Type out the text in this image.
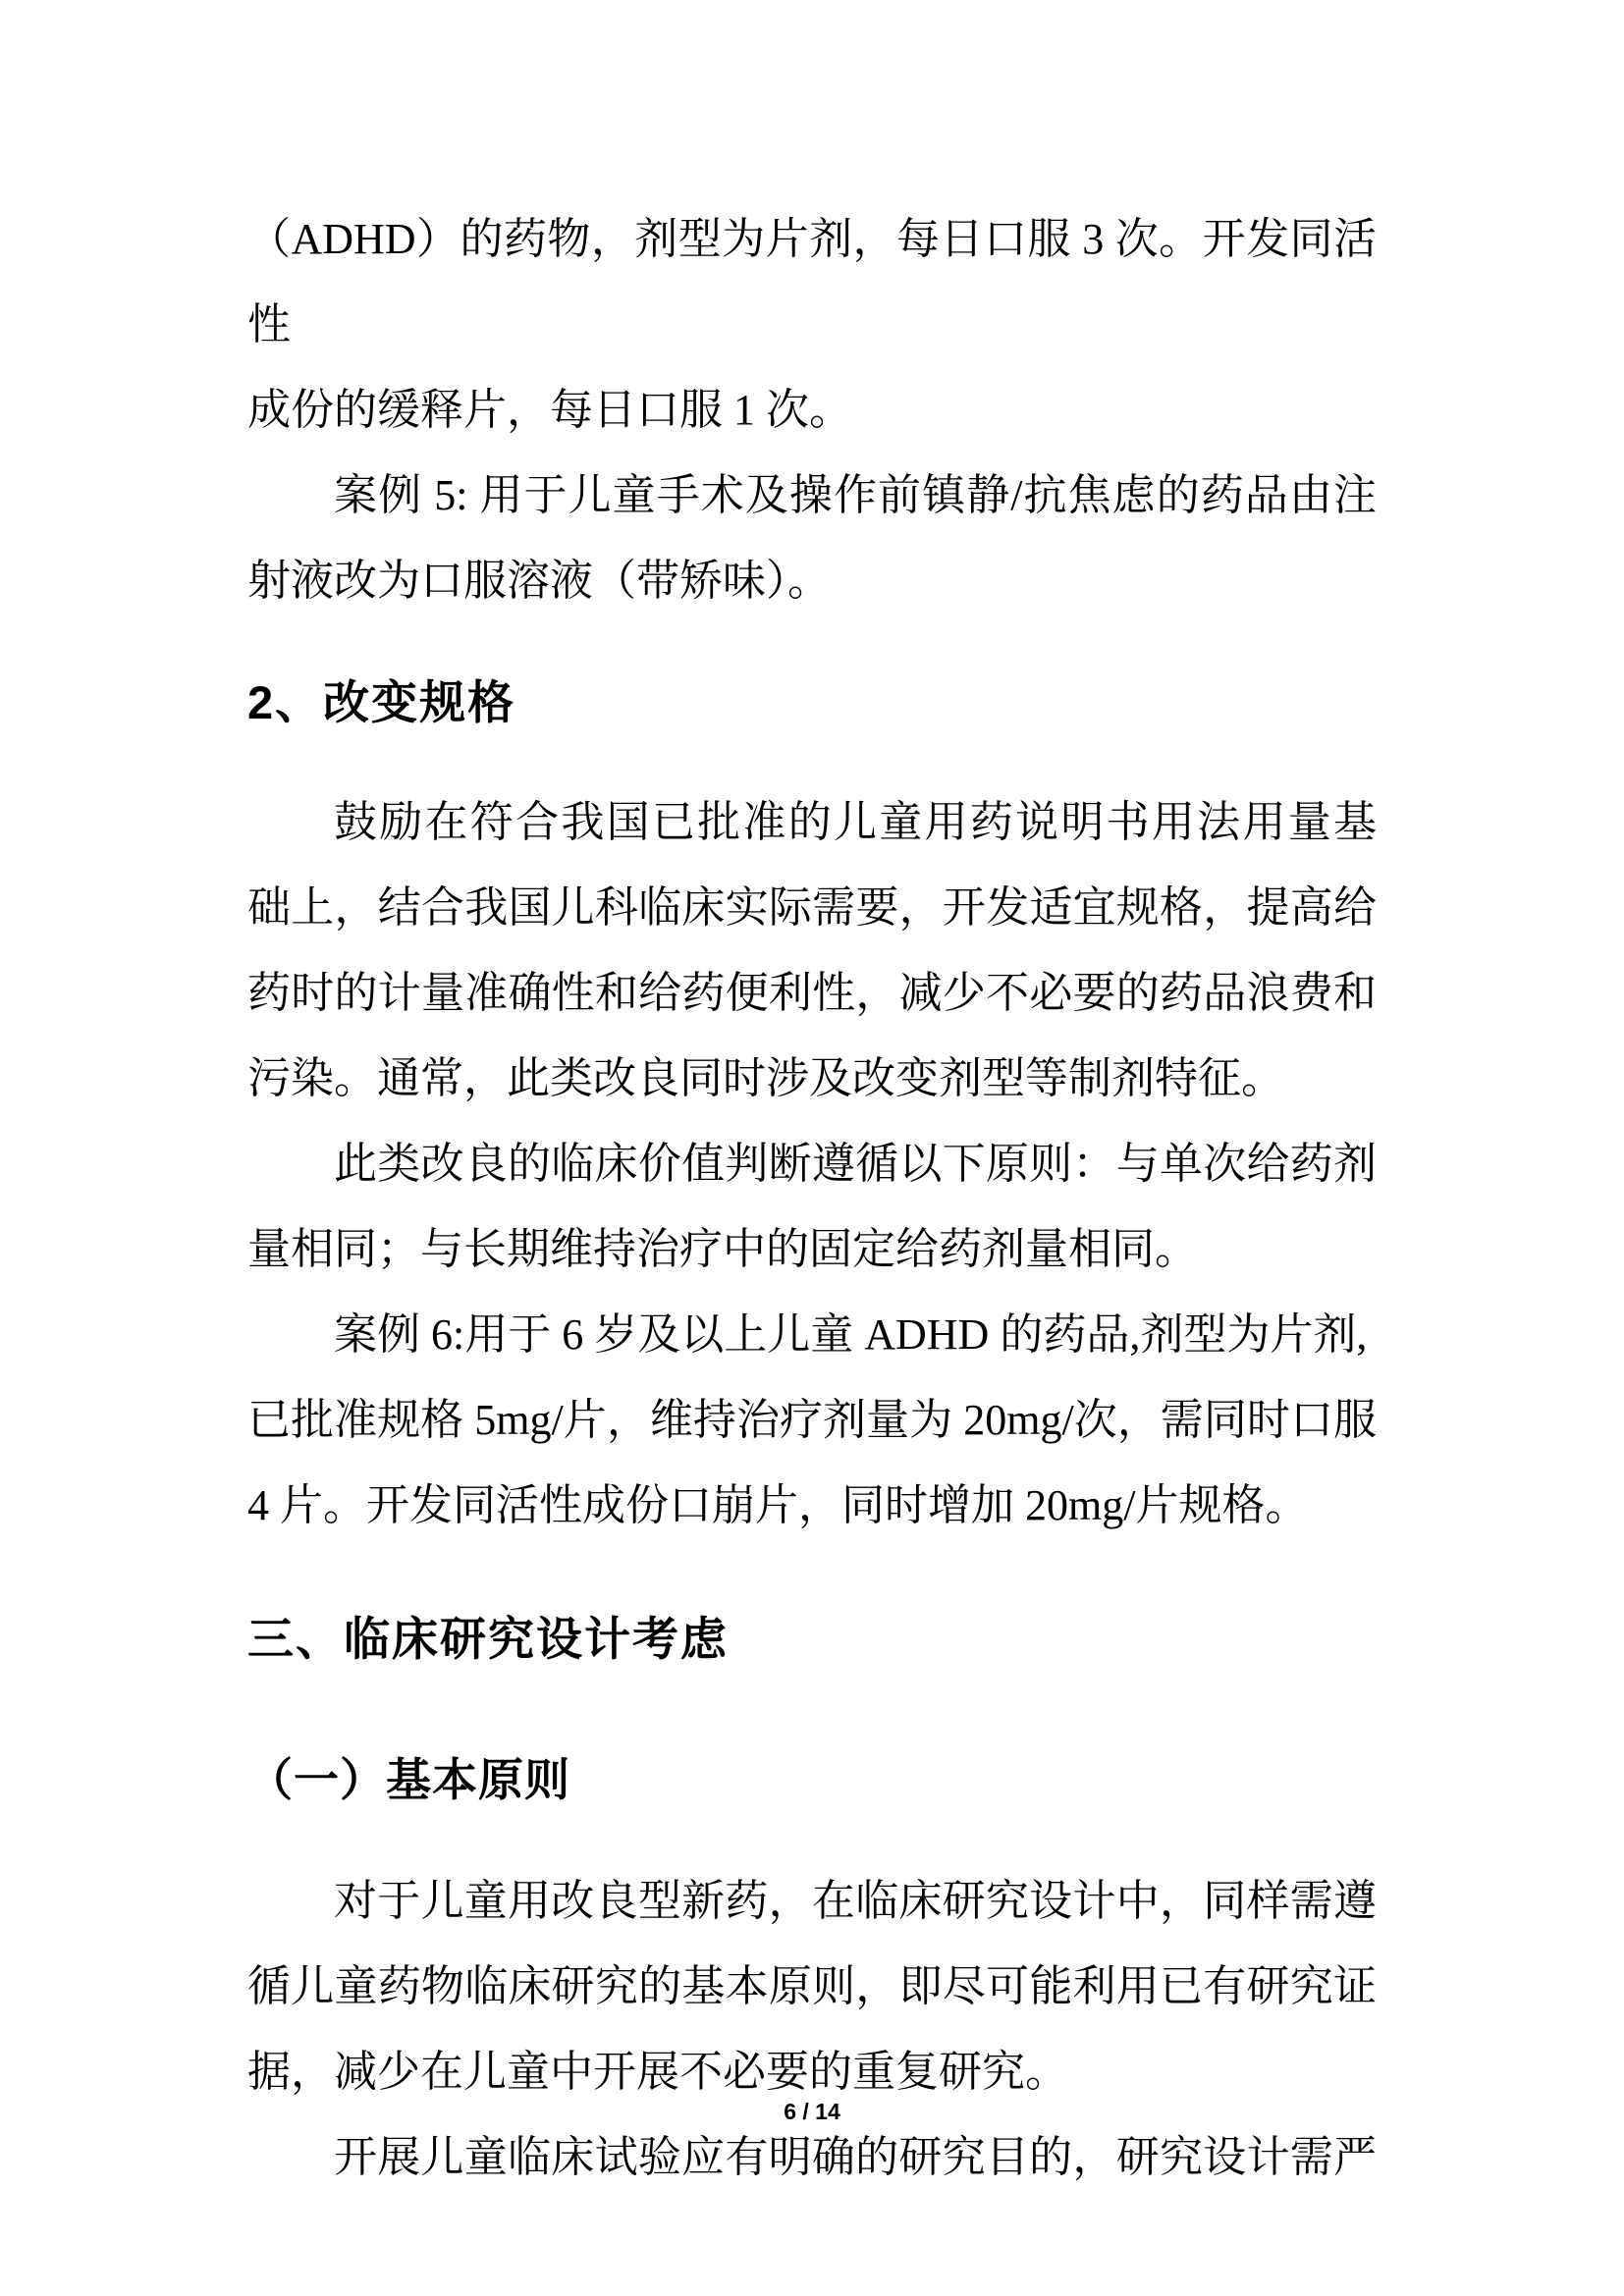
（ADHD）的药物，剂型为片剂，每日口服 3 次。开发同活性

成份的缓释片，每日口服 1 次。

案例 5: 用于儿童手术及操作前镇静/抗焦虑的药品由注

射液改为口服溶液（带矫味）。

2、改变规格

鼓励在符合我国已批准的儿童用药说明书用法用量基

础上，结合我国儿科临床实际需要，开发适宜规格，提高给

药时的计量准确性和给药便利性，减少不必要的药品浪费和

污染。通常，此类改良同时涉及改变剂型等制剂特征。

此类改良的临床价值判断遵循以下原则：与单次给药剂

量相同；与长期维持治疗中的固定给药剂量相同。

案例 6:用于 6 岁及以上儿童 ADHD 的药品,剂型为片剂,

已批准规格 5mg/片，维持治疗剂量为 20mg/次，需同时口服

4 片。开发同活性成份口崩片，同时增加 20mg/片规格。

三、临床研究设计考虑
（一）基本原则

对于儿童用改良型新药，在临床研究设计中，同样需遵

循儿童药物临床研究的基本原则，即尽可能利用已有研究证

据，减少在儿童中开展不必要的重复研究。

开展儿童临床试验应有明确的研究目的，研究设计需严

6 / 14
